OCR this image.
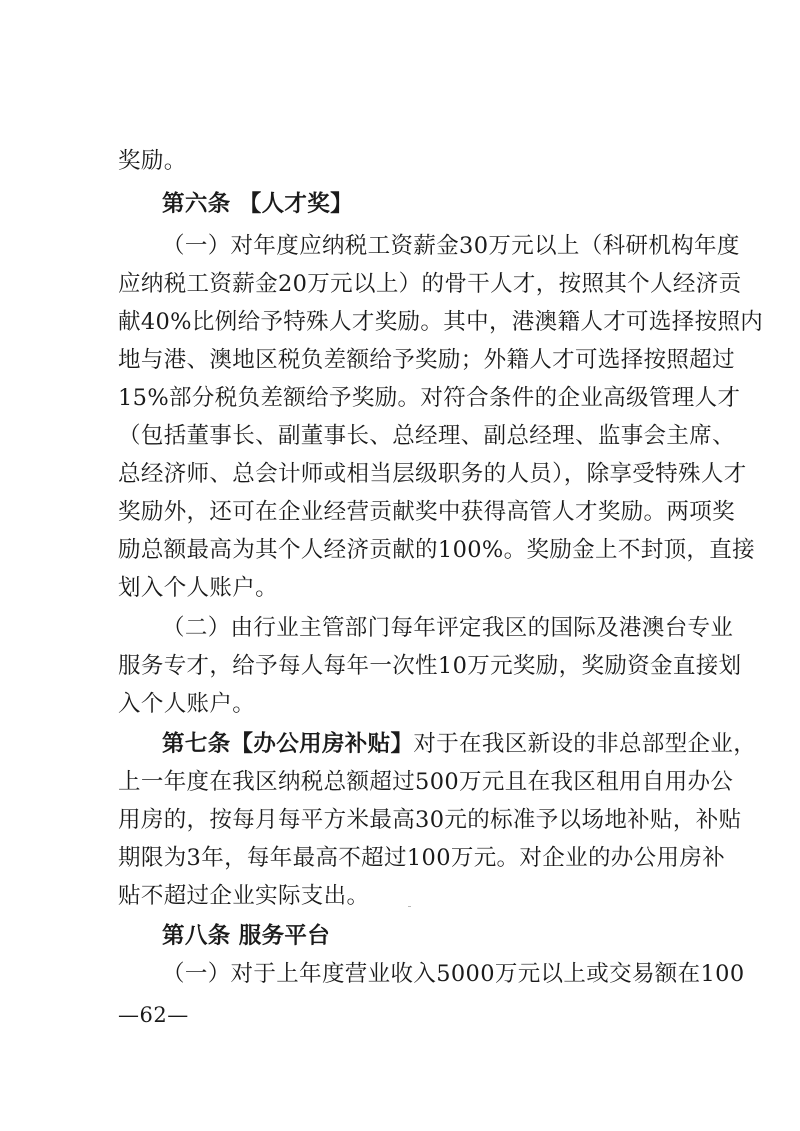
奖励。
第六条 【人才奖】
（一）对年度应纳税工资薪金30万元以上（科研机构年度
应纳税工资薪金20万元以上）的骨干人才，按照其个人经济贡
献40%比例给予特殊人才奖励。其中，港澳籍人才可选择按照内
地与港、澳地区税负差额给予奖励；外籍人才可选择按照超过
15%部分税负差额给予奖励。对符合条件的企业高级管理人才
（包括董事长、副董事长、总经理、副总经理、监事会主席、
总经济师、总会计师或相当层级职务的人员），除享受特殊人才
奖励外，还可在企业经营贡献奖中获得高管人才奖励。两项奖
励总额最高为其个人经济贡献的100%。奖励金上不封顶，直接
划入个人账户。
（二）由行业主管部门每年评定我区的国际及港澳台专业
服务专才，给予每人每年一次性10万元奖励，奖励资金直接划
入个人账户。
第七条【办公用房补贴】对于在我区新设的非总部型企业，
上一年度在我区纳税总额超过500万元且在我区租用自用办公
用房的，按每月每平方米最高30元的标准予以场地补贴，补贴
期限为3年，每年最高不超过100万元。对企业的办公用房补
贴不超过企业实际支出。
第八条 服务平台
（一）对于上年度营业收入5000万元以上或交易额在100
—62—
